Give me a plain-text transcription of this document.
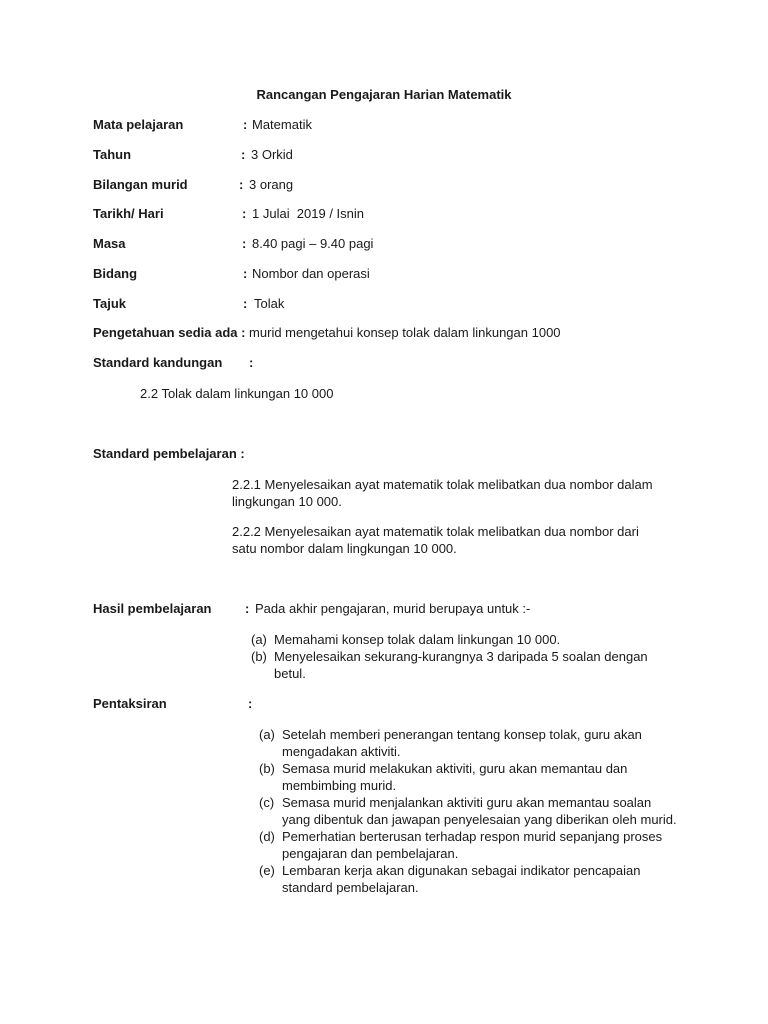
Rancangan Pengajaran Harian Matematik
Mata pelajaran	: Matematik
Tahun	: 3 Orkid
Bilangan murid	: 3 orang
Tarikh/ Hari	: 1 Julai  2019 / Isnin
Masa	: 8.40 pagi – 9.40 pagi
Bidang	: Nombor dan operasi
Tajuk	: Tolak
Pengetahuan sedia ada : murid mengetahui konsep tolak dalam linkungan 1000
Standard kandungan :
2.2 Tolak dalam linkungan 10 000
Standard pembelajaran :
2.2.1 Menyelesaikan ayat matematik tolak melibatkan dua nombor dalam lingkungan 10 000.
2.2.2 Menyelesaikan ayat matematik tolak melibatkan dua nombor dari satu nombor dalam lingkungan 10 000.
Hasil pembelajaran	: Pada akhir pengajaran, murid berupaya untuk :-
(a) Memahami konsep tolak dalam linkungan 10 000.
(b) Menyelesaikan sekurang-kurangnya 3 daripada 5 soalan dengan betul.
Pentaksiran	:
(a) Setelah memberi penerangan tentang konsep tolak, guru akan mengadakan aktiviti.
(b) Semasa murid melakukan aktiviti, guru akan memantau dan membimbing murid.
(c) Semasa murid menjalankan aktiviti guru akan memantau soalan yang dibentuk dan jawapan penyelesaian yang diberikan oleh murid.
(d) Pemerhatian berterusan terhadap respon murid sepanjang proses pengajaran dan pembelajaran.
(e) Lembaran kerja akan digunakan sebagai indikator pencapaian standard pembelajaran.
